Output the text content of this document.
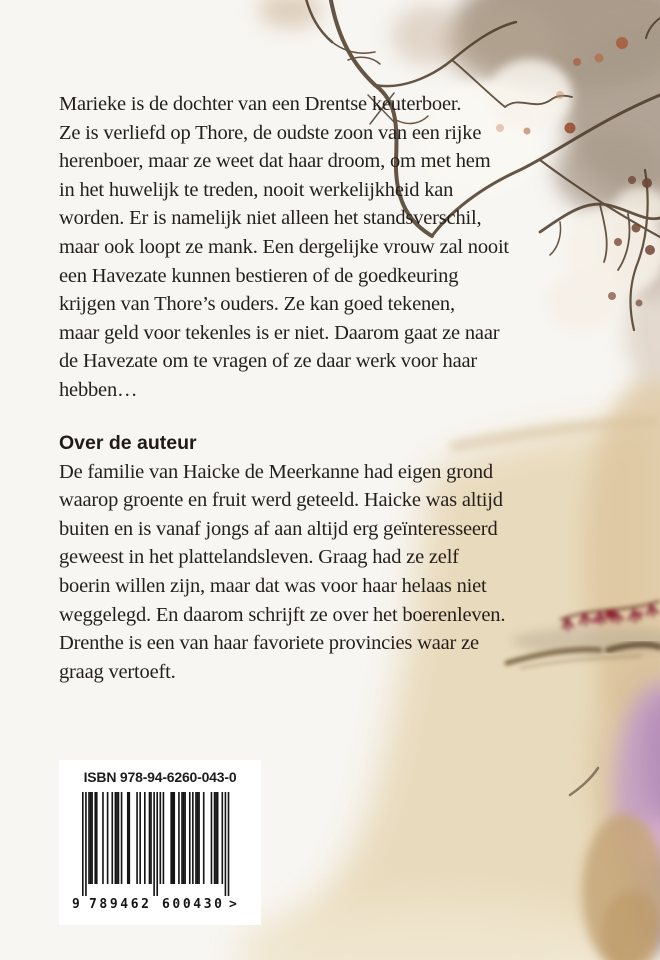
Marieke is de dochter van een Drentse keuterboer.
Ze is verliefd op Thore, de oudste zoon van een rijke
herenboer, maar ze weet dat haar droom, om met hem
in het huwelijk te treden, nooit werkelijkheid kan
worden. Er is namelijk niet alleen het standsverschil,
maar ook loopt ze mank. Een dergelijke vrouw zal nooit
een Havezate kunnen bestieren of de goedkeuring
krijgen van Thore’s ouders. Ze kan goed tekenen,
maar geld voor tekenles is er niet. Daarom gaat ze naar
de Havezate om te vragen of ze daar werk voor haar
hebben…
Over de auteur
De familie van Haicke de Meerkanne had eigen grond
waarop groente en fruit werd geteeld. Haicke was altijd
buiten en is vanaf jongs af aan altijd erg geïnteresseerd
geweest in het plattelandsleven. Graag had ze zelf
boerin willen zijn, maar dat was voor haar helaas niet
weggelegd. En daarom schrijft ze over het boerenleven.
Drenthe is een van haar favoriete provincies waar ze
graag vertoeft.
ISBN 978-94-6260-043-0
9 789462 600430 >
